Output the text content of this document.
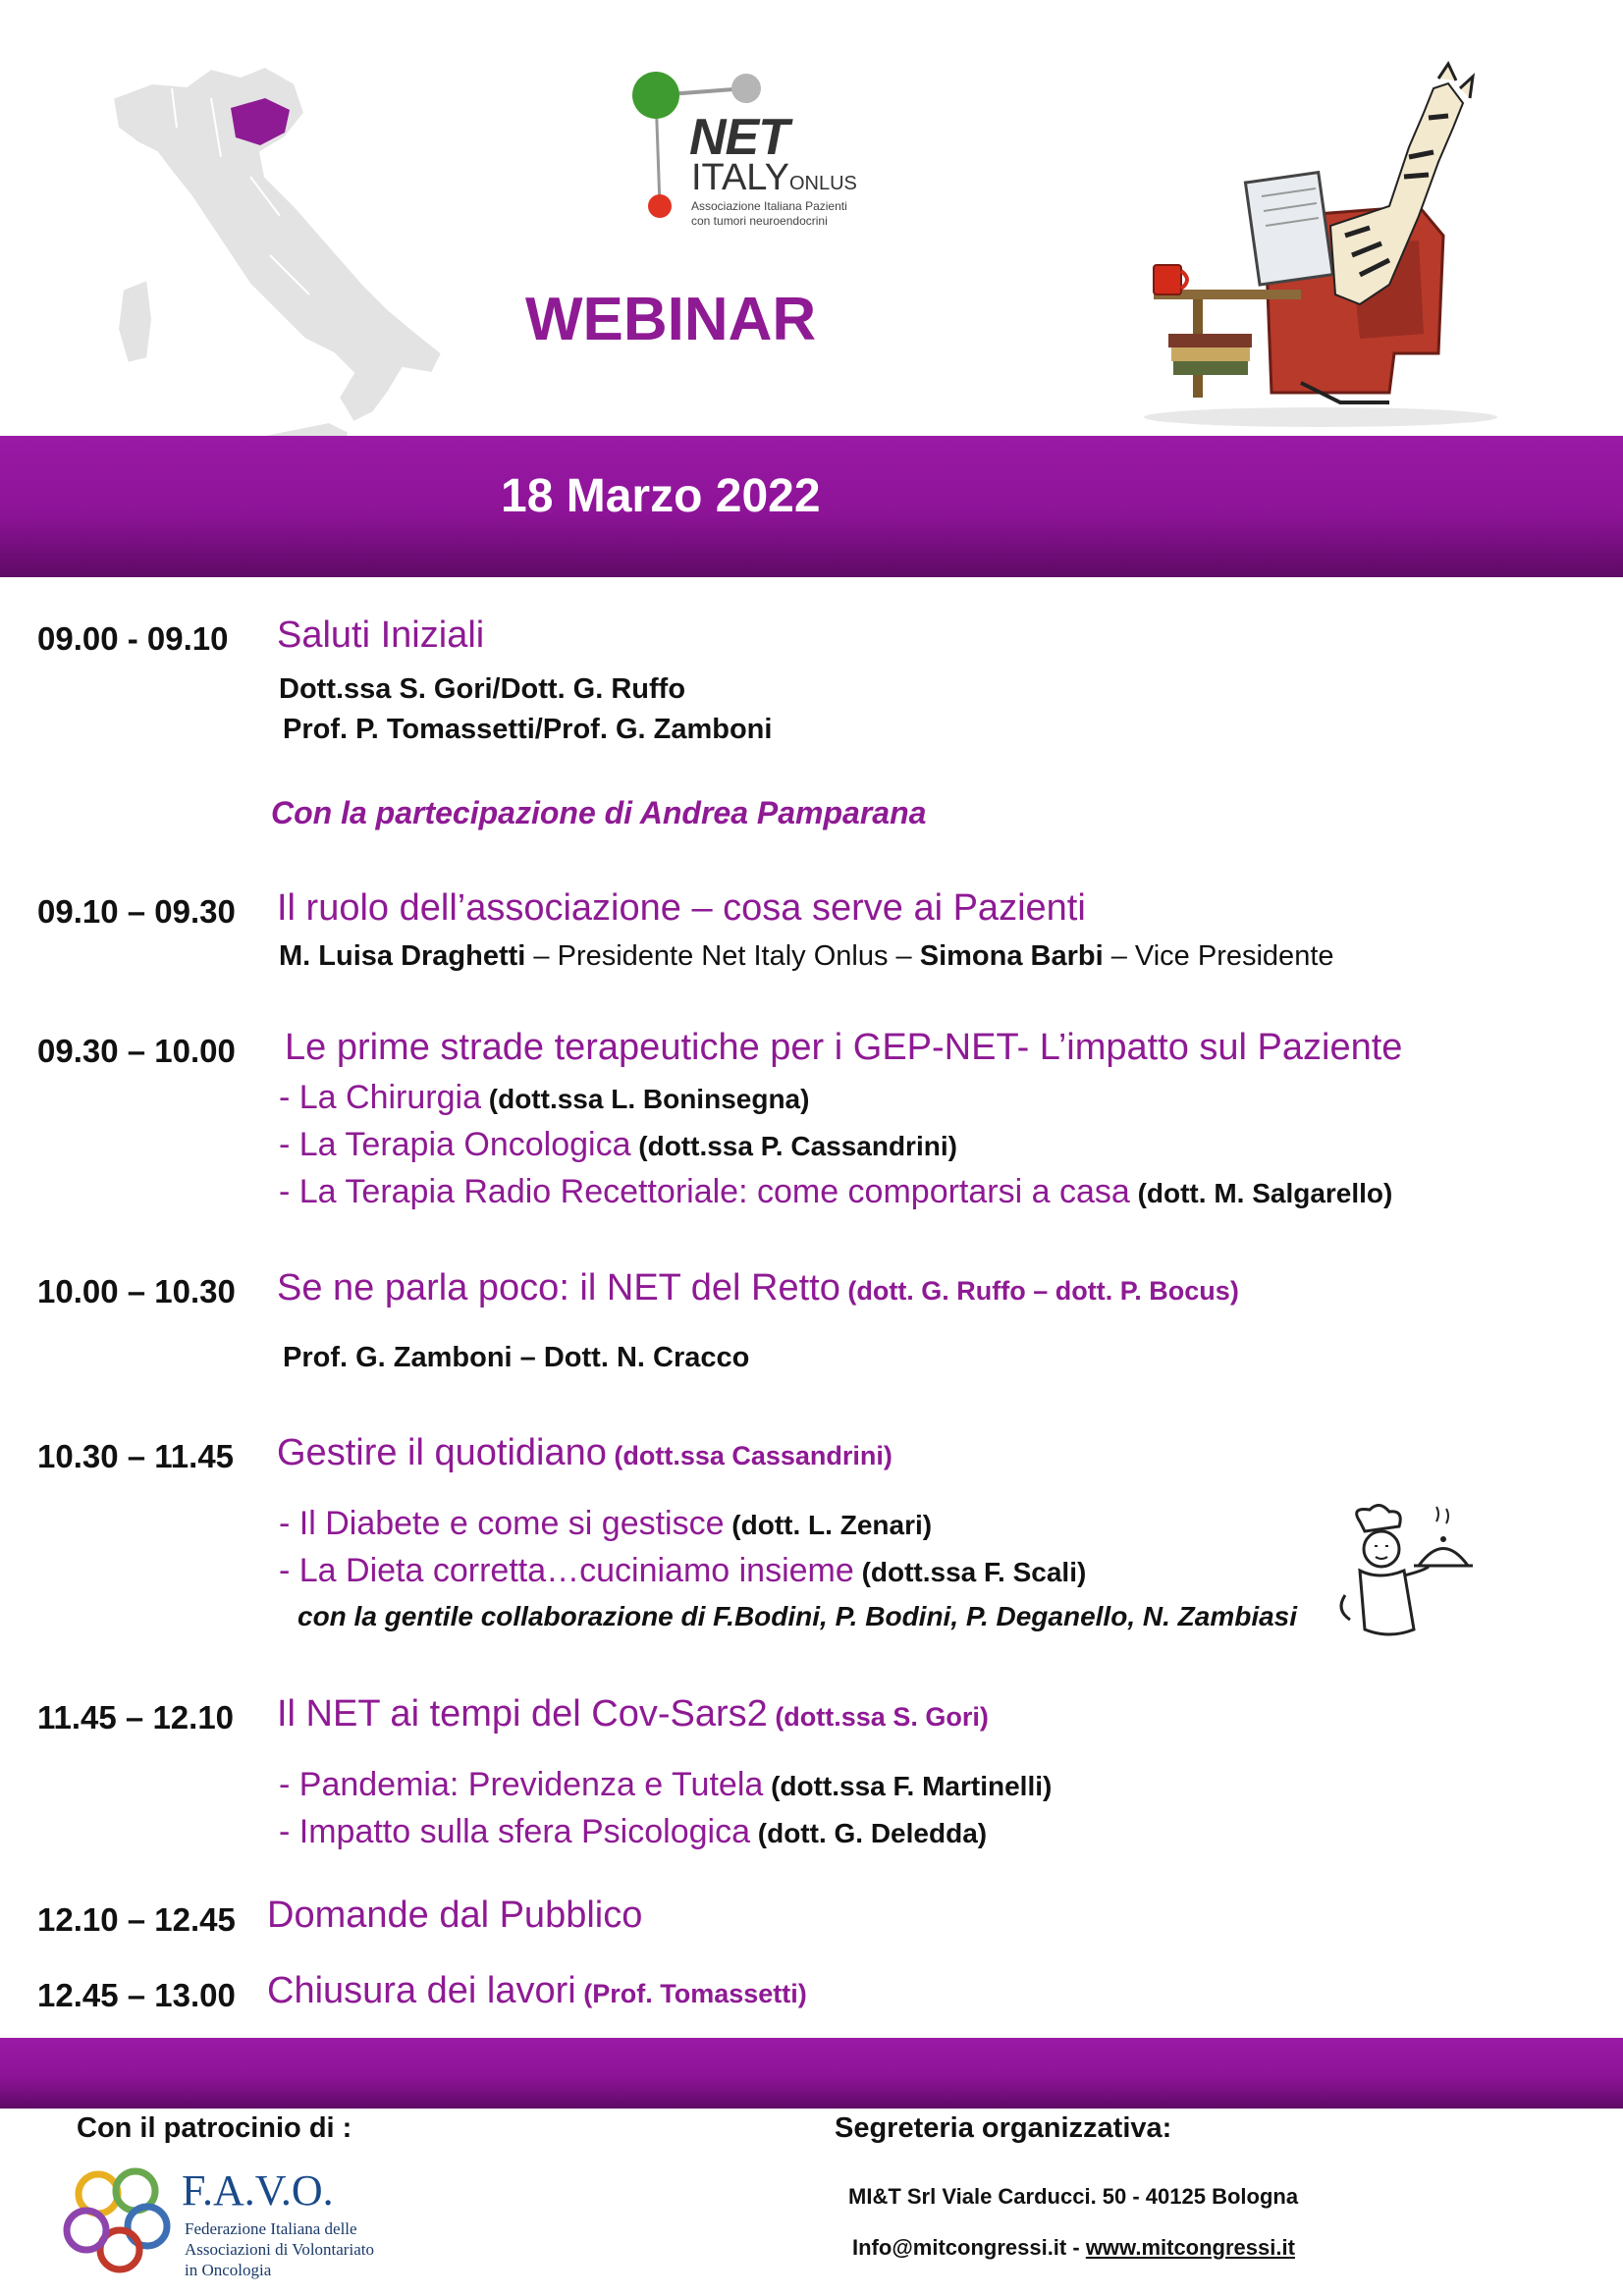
NET
ITALYONLUS
Associazione Italiana Pazienti
con tumori neuroendocrini
WEBINAR
18 Marzo 2022
09.00 - 09.10 Saluti Iniziali
Dott.ssa S. Gori/Dott. G. Ruffo
Prof. P. Tomassetti/Prof. G. Zamboni
Con la partecipazione di Andrea Pamparana
09.10 – 09.30 Il ruolo dell’associazione – cosa serve ai Pazienti
M. Luisa Draghetti – Presidente Net Italy Onlus – Simona Barbi – Vice Presidente
09.30 – 10.00 Le prime strade terapeutiche per i GEP-NET- L’impatto sul Paziente
- La Chirurgia (dott.ssa L. Boninsegna)
- La Terapia Oncologica (dott.ssa P. Cassandrini)
- La Terapia Radio Recettoriale: come comportarsi a casa (dott. M. Salgarello)
10.00 – 10.30 Se ne parla poco: il NET del Retto (dott. G. Ruffo – dott. P. Bocus)
Prof. G. Zamboni – Dott. N. Cracco
10.30 – 11.45 Gestire il quotidiano (dott.ssa Cassandrini)
- Il Diabete e come si gestisce (dott. L. Zenari)
- La Dieta corretta…cuciniamo insieme (dott.ssa F. Scali)
con la gentile collaborazione di F.Bodini, P. Bodini, P. Deganello, N. Zambiasi
11.45 – 12.10 Il NET ai tempi del Cov-Sars2 (dott.ssa S. Gori)
- Pandemia: Previdenza e Tutela (dott.ssa F. Martinelli)
- Impatto sulla sfera Psicologica (dott. G. Deledda)
12.10 – 12.45 Domande dal Pubblico
12.45 – 13.00 Chiusura dei lavori (Prof. Tomassetti)
Con il patrocinio di :	Segreteria organizzativa:
F.A.V.O.
Federazione Italiana delle
Associazioni di Volontariato
in Oncologia
MI&T Srl Viale Carducci. 50 - 40125 Bologna
Info@mitcongressi.it - www.mitcongressi.it
